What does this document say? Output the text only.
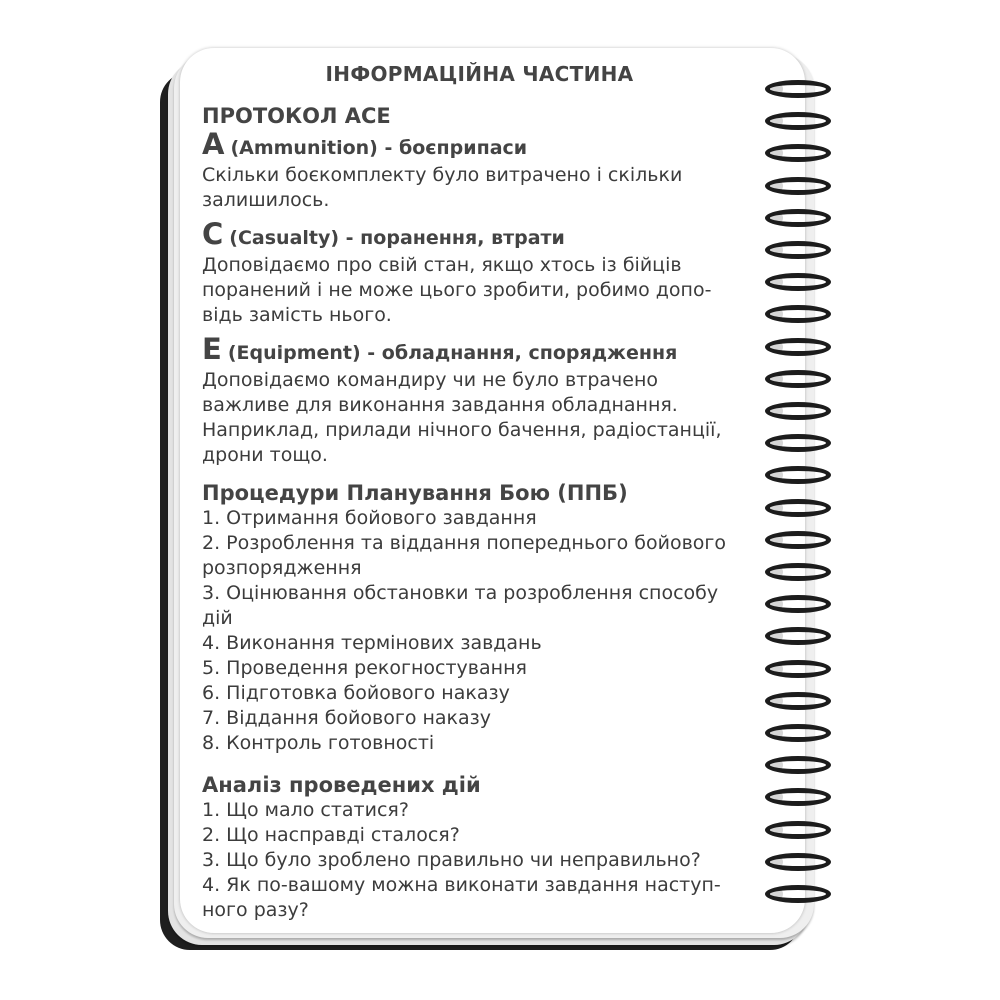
ІНФОРМАЦІЙНА ЧАСТИНА
ПРОТОКОЛ ACE
A (Ammunition) - боєприпаси
Скільки боєкомплекту було витрачено і скільки
залишилось.
C (Casualty) - поранення, втрати
Доповідаємо про свій стан, якщо хтось із бійців
поранений і не може цього зробити, робимо допо-
відь замість нього.
E (Equipment) - обладнання, спорядження
Доповідаємо командиру чи не було втрачено
важливе для виконання завдання обладнання.
Наприклад, прилади нічного бачення, радіостанції,
дрони тощо.
Процедури Планування Бою (ППБ)
1. Отримання бойового завдання
2. Розроблення та віддання попереднього бойового
розпорядження
3. Оцінювання обстановки та розроблення способу
дій
4. Виконання термінових завдань
5. Проведення рекогностування
6. Підготовка бойового наказу
7. Віддання бойового наказу
8. Контроль готовності
Аналіз проведених дій
1. Що мало статися?
2. Що насправді сталося?
3. Що було зроблено правильно чи неправильно?
4. Як по-вашому можна виконати завдання наступ-
ного разу?
